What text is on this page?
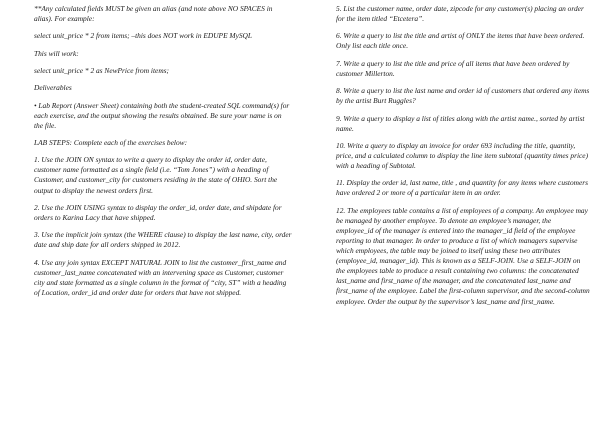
**Any calculated fields MUST be given an alias (and note above NO SPACES in alias). For example:

select unit_price * 2 from items; –this does NOT work in EDUPE MySQL

This will work:

select unit_price * 2 as NewPrice from items;

Deliverables

• Lab Report (Answer Sheet) containing both the student-created SQL command(s) for each exercise, and the output showing the results obtained. Be sure your name is on the file.

LAB STEPS: Complete each of the exercises below:

1. Use the JOIN ON syntax to write a query to display the order id, order date, customer name formatted as a single field (i.e. “Tom Jones”) with a heading of Customer, and customer_city for customers residing in the state of OHIO. Sort the output to display the newest orders first.

2. Use the JOIN USING syntax to display the order_id, order date, and shipdate for orders to Karina Lacy that have shipped.

3. Use the implicit join syntax (the WHERE clause) to display the last name, city, order date and ship date for all orders shipped in 2012.

4. Use any join syntax EXCEPT NATURAL JOIN to list the customer_first_name and customer_last_name concatenated with an intervening space as Customer, customer city and state formatted as a single column in the format of “city, ST” with a heading of Location, order_id and order date for orders that have not shipped.

5. List the customer name, order date, zipcode for any customer(s) placing an order for the item titled “Etcetera”.

6. Write a query to list the title and artist of ONLY the items that have been ordered. Only list each title once.

7. Write a query to list the title and price of all items that have been ordered by customer Millerton.

8. Write a query to list the last name and order id of customers that ordered any items by the artist Burt Ruggles?

9. Write a query to display a list of titles along with the artist name., sorted by artist name.

10. Write a query to display an invoice for order 693 including the title, quantity, price, and a calculated column to display the line item subtotal (quantity times price) with a heading of Subtotal.

11. Display the order id, last name, title , and quantity for any items where customers have ordered 2 or more of a particular item in an order.

12. The employees table contains a list of employees of a company. An employee may be managed by another employee. To denote an employee’s manager, the employee_id of the manager is entered into the manager_id field of the employee reporting to that manager. In order to produce a list of which managers supervise which employees, the table may be joined to itself using these two attributes (employee_id, manager_id). This is known as a SELF-JOIN. Use a SELF-JOIN on the employees table to produce a result containing two columns: the concatenated last_name and first_name of the manager, and the concatenated last_name and first_name of the employee. Label the first-column supervisor, and the second-column employee. Order the output by the supervisor’s last_name and first_name.
